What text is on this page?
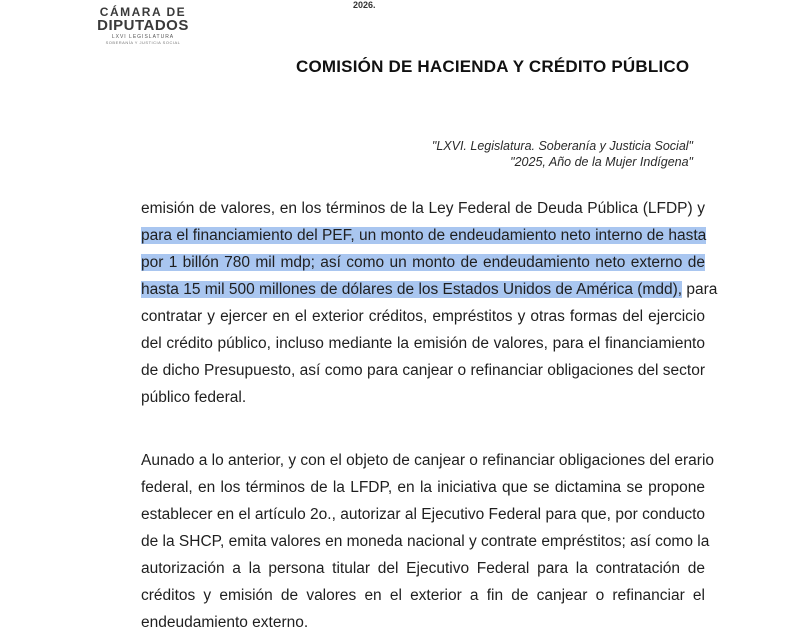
CÁMARA DE
DIPUTADOS
LXVI LEGISLATURA
SOBERANÍA Y JUSTICIA SOCIAL
2026.
COMISIÓN DE HACIENDA Y CRÉDITO PÚBLICO
"LXVI. Legislatura. Soberanía y Justicia Social"
"2025, Año de la Mujer Indígena"
emisión de valores, en los términos de la Ley Federal de Deuda Pública (LFDP) y
para el financiamiento del PEF, un monto de endeudamiento neto interno de hasta
por 1 billón 780 mil mdp; así como un monto de endeudamiento neto externo de
hasta 15 mil 500 millones de dólares de los Estados Unidos de América (mdd), para
contratar y ejercer en el exterior créditos, empréstitos y otras formas del ejercicio
del crédito público, incluso mediante la emisión de valores, para el financiamiento
de dicho Presupuesto, así como para canjear o refinanciar obligaciones del sector
público federal.
Aunado a lo anterior, y con el objeto de canjear o refinanciar obligaciones del erario
federal, en los términos de la LFDP, en la iniciativa que se dictamina se propone
establecer en el artículo 2o., autorizar al Ejecutivo Federal para que, por conducto
de la SHCP, emita valores en moneda nacional y contrate empréstitos; así como la
autorización a la persona titular del Ejecutivo Federal para la contratación de
créditos y emisión de valores en el exterior a fin de canjear o refinanciar el
endeudamiento externo.
